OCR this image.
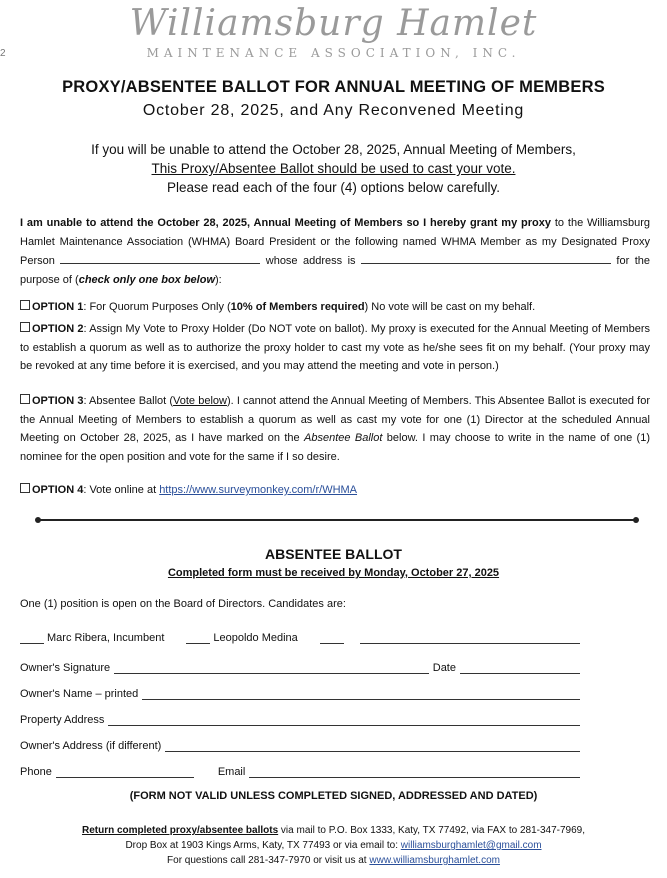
Williamsburg Hamlet
MAINTENANCE ASSOCIATION, INC.
2
PROXY/ABSENTEE BALLOT FOR ANNUAL MEETING OF MEMBERS
October 28, 2025, and Any Reconvened Meeting
If you will be unable to attend the October 28, 2025, Annual Meeting of Members,
This Proxy/Absentee Ballot should be used to cast your vote.
Please read each of the four (4) options below carefully.
I am unable to attend the October 28, 2025, Annual Meeting of Members so I hereby grant my proxy to the Williamsburg Hamlet Maintenance Association (WHMA) Board President or the following named WHMA Member as my Designated Proxy Person	whose address is	for the purpose of (check only one box below):
OPTION 1: For Quorum Purposes Only (10% of Members required) No vote will be cast on my behalf.
OPTION 2: Assign My Vote to Proxy Holder (Do NOT vote on ballot). My proxy is executed for the Annual Meeting of Members to establish a quorum as well as to authorize the proxy holder to cast my vote as he/she sees fit on my behalf. (Your proxy may be revoked at any time before it is exercised, and you may attend the meeting and vote in person.)
OPTION 3: Absentee Ballot (Vote below). I cannot attend the Annual Meeting of Members. This Absentee Ballot is executed for the Annual Meeting of Members to establish a quorum as well as cast my vote for one (1) Director at the scheduled Annual Meeting on October 28, 2025, as I have marked on the Absentee Ballot below. I may choose to write in the name of one (1) nominee for the open position and vote for the same if I so desire.
OPTION 4: Vote online at https://www.surveymonkey.com/r/WHMA
ABSENTEE BALLOT
Completed form must be received by Monday, October 27, 2025
One (1) position is open on the Board of Directors. Candidates are:
Marc Ribera, Incumbent	Leopoldo Medina
Owner's Signature	Date
Owner's Name – printed
Property Address
Owner's Address (if different)
Phone	Email
(FORM NOT VALID UNLESS COMPLETED SIGNED, ADDRESSED AND DATED)
Return completed proxy/absentee ballots via mail to P.O. Box 1333, Katy, TX 77492, via FAX to 281-347-7969,
Drop Box at 1903 Kings Arms, Katy, TX 77493 or via email to: williamsburghamlet@gmail.com
For questions call 281-347-7970 or visit us at www.williamsburghamlet.com
